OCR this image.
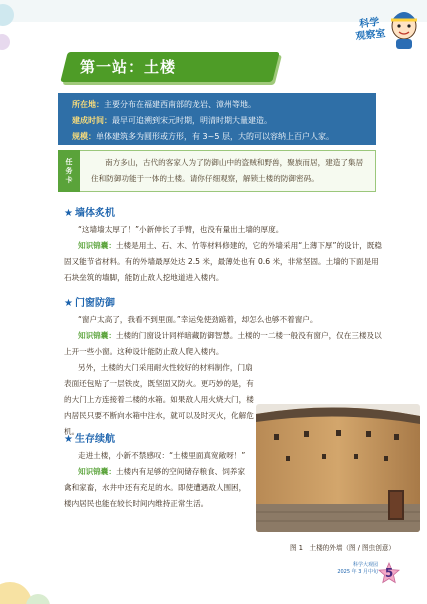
科学
观察室
第一站：土楼
所在地：主要分布在福建西南部的龙岩、漳州等地。
建成时间：最早可追溯到宋元时期，明清时期大量建造。
规模：单体建筑多为圆形或方形，有 3~5 层，大的可以容纳上百户人家。
任
务
卡
南方多山，古代的客家人为了防御山中的盗贼和野兽，聚族而居，建造了集居住和防御功能于一体的土楼。请你仔细观察，解锁土楼的防御密码。
★ 墙体炙机

“这墙墙太厚了！”小新伸长了手臂，也没有量出土墙的厚度。

知识锦囊：土楼是用土、石、木、竹等材料修建的，它的外墙采用“上薄下厚”的设计，既稳固又能节省材料。有的外墙最厚处达 2.5 米，最薄处也有 0.6 米，非常坚固。土墙的下面是用石块垒筑的墙脚，能防止敌人挖地道进入楼内。

★ 门窗防御

“窗户太高了，我看不到里面。”幸运兔使劲踮着，却怎么也够不着窗户。

知识锦囊：土楼的门窗设计同样暗藏防御智慧。土楼的一二楼一般没有窗户，仅在三楼及以上开一些小窗。这种设计能防止敌人爬入楼内。

另外，土楼的大门采用耐火性较好的材料制作，门扇表面还包贴了一层铁皮，既坚固又防火。更巧妙的是，有的大门上方连接着二楼的水箱。如果敌人用火烧大门，楼内居民只要不断向水箱中注水，就可以及时灭火，化解危机。

★ 生存续航

走进土楼，小新不禁感叹：“土楼里面真宽敞呀！”

知识锦囊：土楼内有足够的空间储存粮食、饲养家禽和家畜，水井中还有充足的水。即使遭遇敌人围困，楼内居民也能在较长时间内维持正常生活。

图 1　土楼的外墙（图 / 图虫创意）
科学大观园
2025 年 3 月中旬 5
